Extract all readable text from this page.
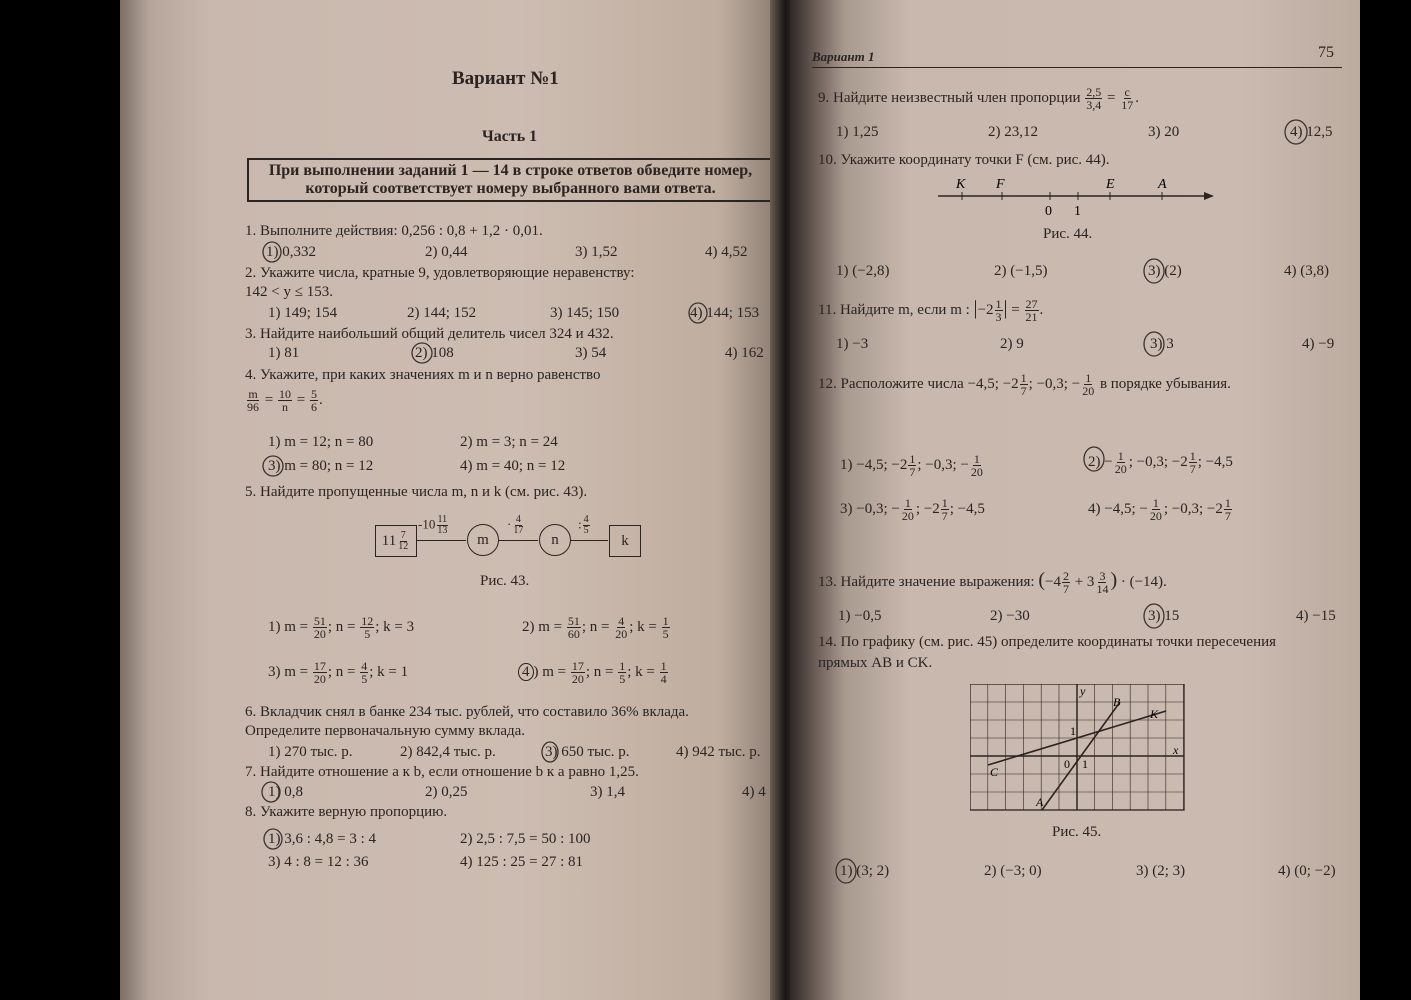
Вариант №1
Часть 1
При выполнении заданий 1 — 14 в строке ответов обведите номер,
который соответствует номеру выбранного вами ответа.
1. Выполните действия: 0,256 : 0,8 + 1,2 · 0,01.
1) 0,332	2) 0,44	3) 1,52	4) 4,52
2. Укажите числа, кратные 9, удовлетворяющие неравенству:
142 < y ≤ 153.
1) 149; 154	2) 144; 152	3) 145; 150	4) 144; 153
3. Найдите наибольший общий делитель чисел 324 и 432.
1) 81	2) 108	3) 54	4) 162
4. Укажите, при каких значениях m и n верно равенство
$\frac{m}{96} = \frac{10}{n} = \frac{5}{6}$ .
1) m = 12; n = 80	2) m = 3; n = 24
3) m = 80; n = 12	4) m = 40; n = 12
5. Найдите пропущенные числа m, n и k (см. рис. 43).
$11 \frac{7}{12}$
$-10 \frac{11}{13}$
m
· $\frac{4}{17}$
n
: $\frac{4}{5}$
k
Рис. 43.
1) $m = \frac{51}{20}$ ; $n = \frac{12}{5}$ ; k = 3	2) $m = \frac{51}{60}$ ; $n = \frac{4}{20}$ ; $k = \frac{1}{5}$
3) $m = \frac{17}{20}$ ; $n = \frac{4}{5}$ ; k = 1	4 ) $m = \frac{17}{20}$ ; $n = \frac{1}{5}$ ; $k = \frac{1}{4}$
6. Вкладчик снял в банке 234 тыс. рублей, что составило 36% вклада.
Определите первоначальную сумму вклада.
1) 270 тыс. р.	2) 842,4 тыс. р.	3) 650 тыс. р.	4) 942 тыс. р.
7. Найдите отношение a к b, если отношение b к a равно 1,25.
1) 0,8	2) 0,25	3) 1,4	4) 4
8. Укажите верную пропорцию.
1) 3,6 : 4,8 = 3 : 4	2) 2,5 : 7,5 = 50 : 100
3) 4 : 8 = 12 : 36	4) 125 : 25 = 27 : 81
Вариант 1	75
9. Найдите неизвестный член пропорции $\frac{2,5}{3,4} = \frac{c}{17}$ .
1) 1,25	2) 23,12	3) 20	4) 12,5
10. Укажите координату точки F (см. рис. 44).
K F	E	A
0 1
Рис. 44.
1) (−2,8)	2) (−1,5)	3) (2)	4) (3,8)
11. Найдите m, если m : $|-2 \frac{1}{3}$ | = $\frac{27}{21}$ .
1) −3	2) 9	3) 3	4) −9
12. Расположите числа −4,5; $-2 \frac{1}{7}$ ; −0,3; − $\frac{1}{20}$ в порядке убывания.
1) −4,5; $-2 \frac{1}{7}$ ; −0,3; − $\frac{1}{20}$	$2) - \frac{1}{20}$ ; −0,3; $-2 \frac{1}{7}$ ; −4,5
3) −0,3; − $\frac{1}{20}$ ; $-2 \frac{1}{7}$ ; −4,5	4) −4,5; − $\frac{1}{20}$ ; −0,3; $-2 \frac{1}{7}$
13. Найдите значение выражения: ($-4 \frac{2}{7} + 3 \frac{3}{14}$ ) · (−14).
1) −0,5	2) −30	3) 15	4) −15
14. По графику (см. рис. 45) определите координаты точки пересечения
прямых AB и CK.
y
x
B
K
C
A
0
1
1
Рис. 45.
1) (3; 2)	2) (−3; 0)	3) (2; 3)	4) (0; −2)
